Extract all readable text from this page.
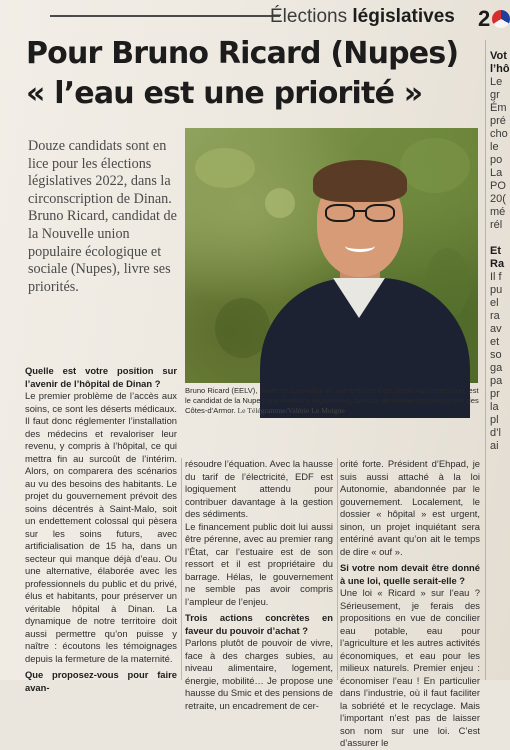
Élections législatives 2
Pour Bruno Ricard (Nupes)
« l’eau est une priorité »
Vot
l’hô
Le
gr
Ém
pré
cho
le
po
La
PO
20(
mé
rél

Et
Ra
Il f
pu
el
ra
av
et
so
ga
pa
pr
la
pl
d’l
ai

Douze candidats sont en lice pour les élections législatives 2022, dans la circonscription de Dinan. Bruno Ricard, candidat de la Nouvelle union populaire écologique et sociale (Nupes), livre ses priorités.

Bruno Ricard (EELV), maire de Lanvallay et vice-président de Dinan Agglomération, est le candidat de la Nupes aux élections législatives, dans la deuxième circonscription des Côtes-d’Armor. Le Télégramme/Valérie Le Moigne

Quelle est votre position sur l’avenir de l’hôpital de Dinan ?

Le premier problème de l’accès aux soins, ce sont les déserts médicaux. Il faut donc réglementer l’installation des médecins et revaloriser leur revenu, y compris à l’hôpital, ce qui mettra fin au surcoût de l’intérim. Alors, on comparera des scénarios au vu des besoins des habitants. Le projet du gouvernement prévoit des soins décentrés à Saint-Malo, soit un endettement colossal qui pèsera sur les soins futurs, avec artificialisation de 15 ha, dans un secteur qui manque déjà d’eau. Ou une alternative, élaborée avec les professionnels du public et du privé, élus et habitants, pour préserver un véritable hôpital à Dinan. La dynamique de notre territoire doit aussi permettre qu’on puisse y naître : écoutons les témoignages depuis la fermeture de la maternité.

Que proposez-vous pour faire avan-

résoudre l’équation. Avec la hausse du tarif de l’électricité, EDF est logiquement attendu pour contribuer davantage à la gestion des sédiments.

Le financement public doit lui aussi être pérenne, avec au premier rang l’État, car l’estuaire est de son ressort et il est propriétaire du barrage. Hélas, le gouvernement ne semble pas avoir compris l’ampleur de l’enjeu.

Trois actions concrètes en faveur du pouvoir d’achat ?

Parlons plutôt de pouvoir de vivre, face à des charges subies, au niveau alimentaire, logement, énergie, mobilité… Je propose une hausse du Smic et des pensions de retraite, un encadrement de cer-

orité forte. Président d’Ehpad, je suis aussi attaché à la loi Autonomie, abandonnée par le gouvernement. Localement, le dossier « hôpital » est urgent, sinon, un projet inquiétant sera entériné avant qu’on ait le temps de dire « ouf ».

Si votre nom devait être donné à une loi, quelle serait-elle ?

Une loi « Ricard » sur l’eau ? Sérieusement, je ferais des propositions en vue de concilier eau potable, eau pour l’agriculture et les autres activités économiques, et eau pour les milieux naturels. Premier enjeu : économiser l’eau ! En particulier dans l’industrie, où il faut faciliter la sobriété et le recyclage. Mais l’important n’est pas de laisser son nom sur une loi. C’est d’assurer le
